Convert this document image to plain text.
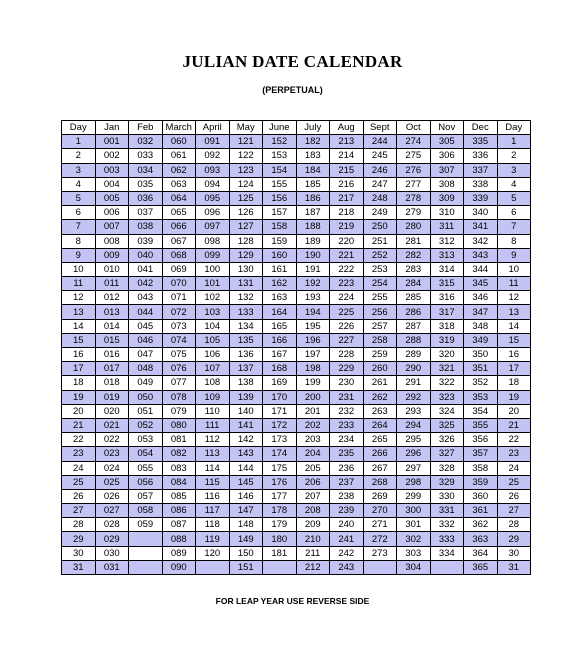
JULIAN DATE CALENDAR
(PERPETUAL)
Day	Jan	Feb	March	April	May	June	July	Aug	Sept	Oct	Nov	Dec	Day
1	001	032	060	091	121	152	182	213	244	274	305	335	1
2	002	033	061	092	122	153	183	214	245	275	306	336	2
3	003	034	062	093	123	154	184	215	246	276	307	337	3
4	004	035	063	094	124	155	185	216	247	277	308	338	4
5	005	036	064	095	125	156	186	217	248	278	309	339	5
6	006	037	065	096	126	157	187	218	249	279	310	340	6
7	007	038	066	097	127	158	188	219	250	280	311	341	7
8	008	039	067	098	128	159	189	220	251	281	312	342	8
9	009	040	068	099	129	160	190	221	252	282	313	343	9
10	010	041	069	100	130	161	191	222	253	283	314	344	10
11	011	042	070	101	131	162	192	223	254	284	315	345	11
12	012	043	071	102	132	163	193	224	255	285	316	346	12
13	013	044	072	103	133	164	194	225	256	286	317	347	13
14	014	045	073	104	134	165	195	226	257	287	318	348	14
15	015	046	074	105	135	166	196	227	258	288	319	349	15
16	016	047	075	106	136	167	197	228	259	289	320	350	16
17	017	048	076	107	137	168	198	229	260	290	321	351	17
18	018	049	077	108	138	169	199	230	261	291	322	352	18
19	019	050	078	109	139	170	200	231	262	292	323	353	19
20	020	051	079	110	140	171	201	232	263	293	324	354	20
21	021	052	080	111	141	172	202	233	264	294	325	355	21
22	022	053	081	112	142	173	203	234	265	295	326	356	22
23	023	054	082	113	143	174	204	235	266	296	327	357	23
24	024	055	083	114	144	175	205	236	267	297	328	358	24
25	025	056	084	115	145	176	206	237	268	298	329	359	25
26	026	057	085	116	146	177	207	238	269	299	330	360	26
27	027	058	086	117	147	178	208	239	270	300	331	361	27
28	028	059	087	118	148	179	209	240	271	301	332	362	28
29	029		088	119	149	180	210	241	272	302	333	363	29
30	030		089	120	150	181	211	242	273	303	334	364	30
31	031		090		151		212	243		304		365	31
FOR LEAP YEAR USE REVERSE SIDE
